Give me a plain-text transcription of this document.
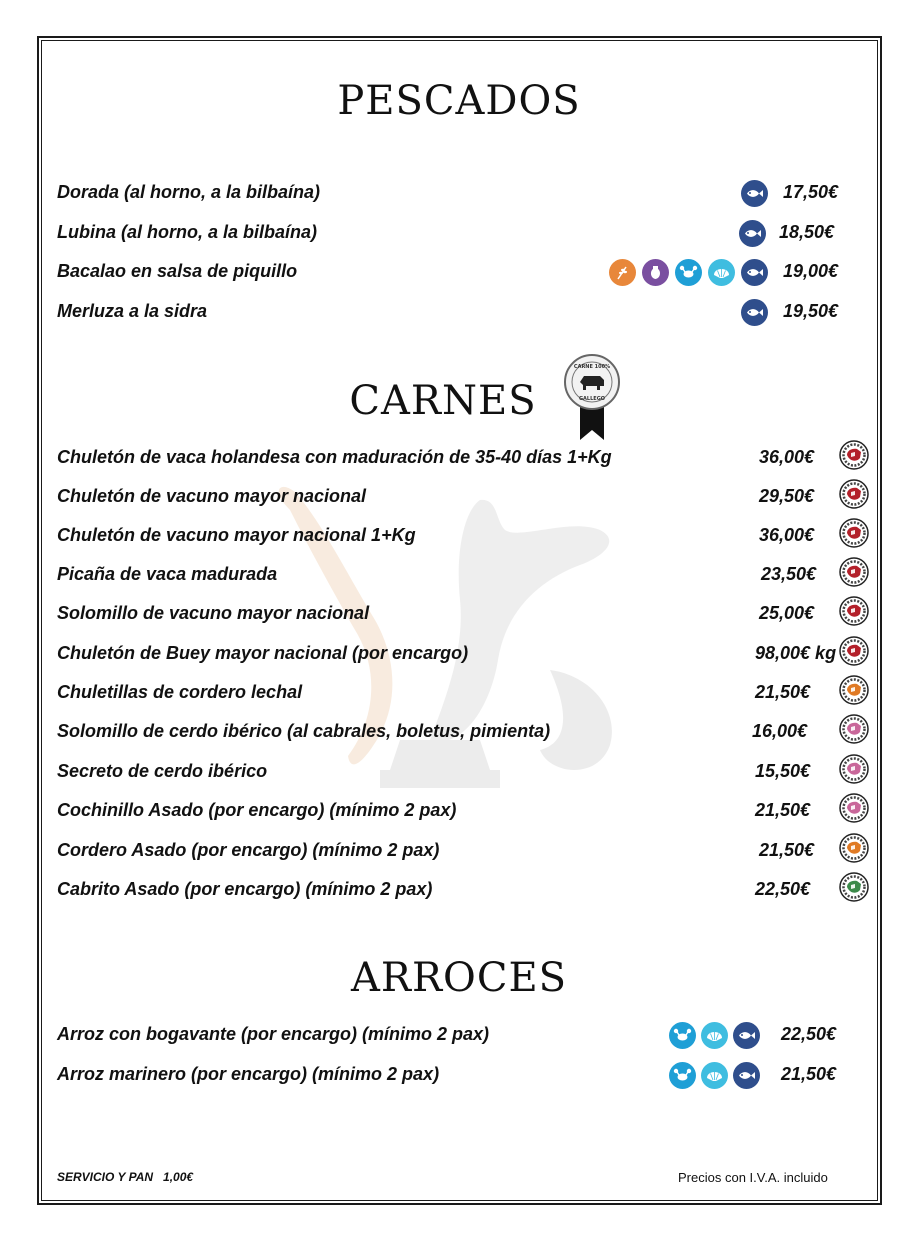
PESCADOS
Dorada (al horno, a la bilbaína)	17,50€
Lubina (al horno, a la bilbaína)	18,50€
Bacalao en salsa de piquillo	19,00€
Merluza a la sidra	19,50€
CARNES
CARNE 100%
GALLEGO
Chuletón de vaca holandesa con maduración de 35-40 días 1+Kg	36,00€
Chuletón de vacuno mayor nacional	29,50€
Chuletón de vacuno mayor nacional 1+Kg	36,00€
Picaña de vaca madurada	23,50€
Solomillo de vacuno mayor nacional	25,00€
Chuletón de Buey mayor nacional (por encargo)	98,00€ kg
Chuletillas de cordero lechal	21,50€
Solomillo de cerdo ibérico (al cabrales, boletus, pimienta)	16,00€
Secreto de cerdo ibérico	15,50€
Cochinillo Asado (por encargo) (mínimo 2 pax)	21,50€
Cordero Asado (por encargo) (mínimo 2 pax)	21,50€
Cabrito Asado (por encargo) (mínimo 2 pax)	22,50€
ARROCES
Arroz con bogavante (por encargo) (mínimo 2 pax)	22,50€
Arroz marinero (por encargo) (mínimo 2 pax)	21,50€
SERVICIO Y PAN   1,00€	Precios con I.V.A. incluido
